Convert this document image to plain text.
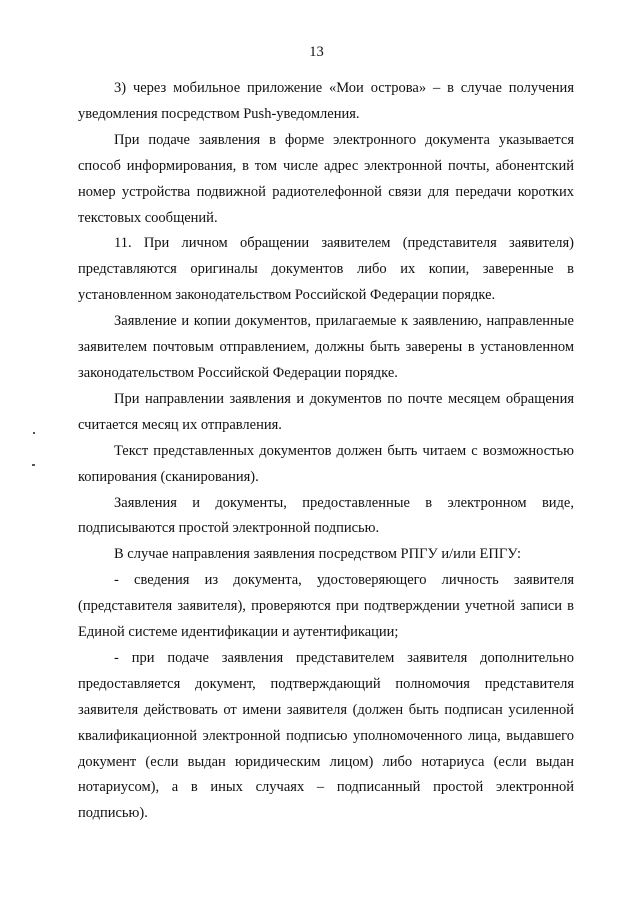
13

3) через мобильное приложение «Мои острова» – в случае получения уведомления посредством Push-уведомления.

При подаче заявления в форме электронного документа указывается способ информирования, в том числе адрес электронной почты, абонентский номер устройства подвижной радиотелефонной связи для передачи коротких текстовых сообщений.

11. При личном обращении заявителем (представителя заявителя) представляются оригиналы документов либо их копии, заверенные в установленном законодательством Российской Федерации порядке.

Заявление и копии документов, прилагаемые к заявлению, направленные заявителем почтовым отправлением, должны быть заверены в установленном законодательством Российской Федерации порядке.

При направлении заявления и документов по почте месяцем обращения считается месяц их отправления.

Текст представленных документов должен быть читаем с возможностью копирования (сканирования).

Заявления и документы, предоставленные в электронном виде, подписываются простой электронной подписью.

В случае направления заявления посредством РПГУ и/или ЕПГУ:

- сведения из документа, удостоверяющего личность заявителя (представителя заявителя), проверяются при подтверждении учетной записи в Единой системе идентификации и аутентификации;

- при подаче заявления представителем заявителя дополнительно предоставляется документ, подтверждающий полномочия представителя заявителя действовать от имени заявителя (должен быть подписан усиленной квалификационной электронной подписью уполномоченного лица, выдавшего документ (если выдан юридическим лицом) либо нотариуса (если выдан нотариусом), а в иных случаях – подписанный простой электронной подписью).
